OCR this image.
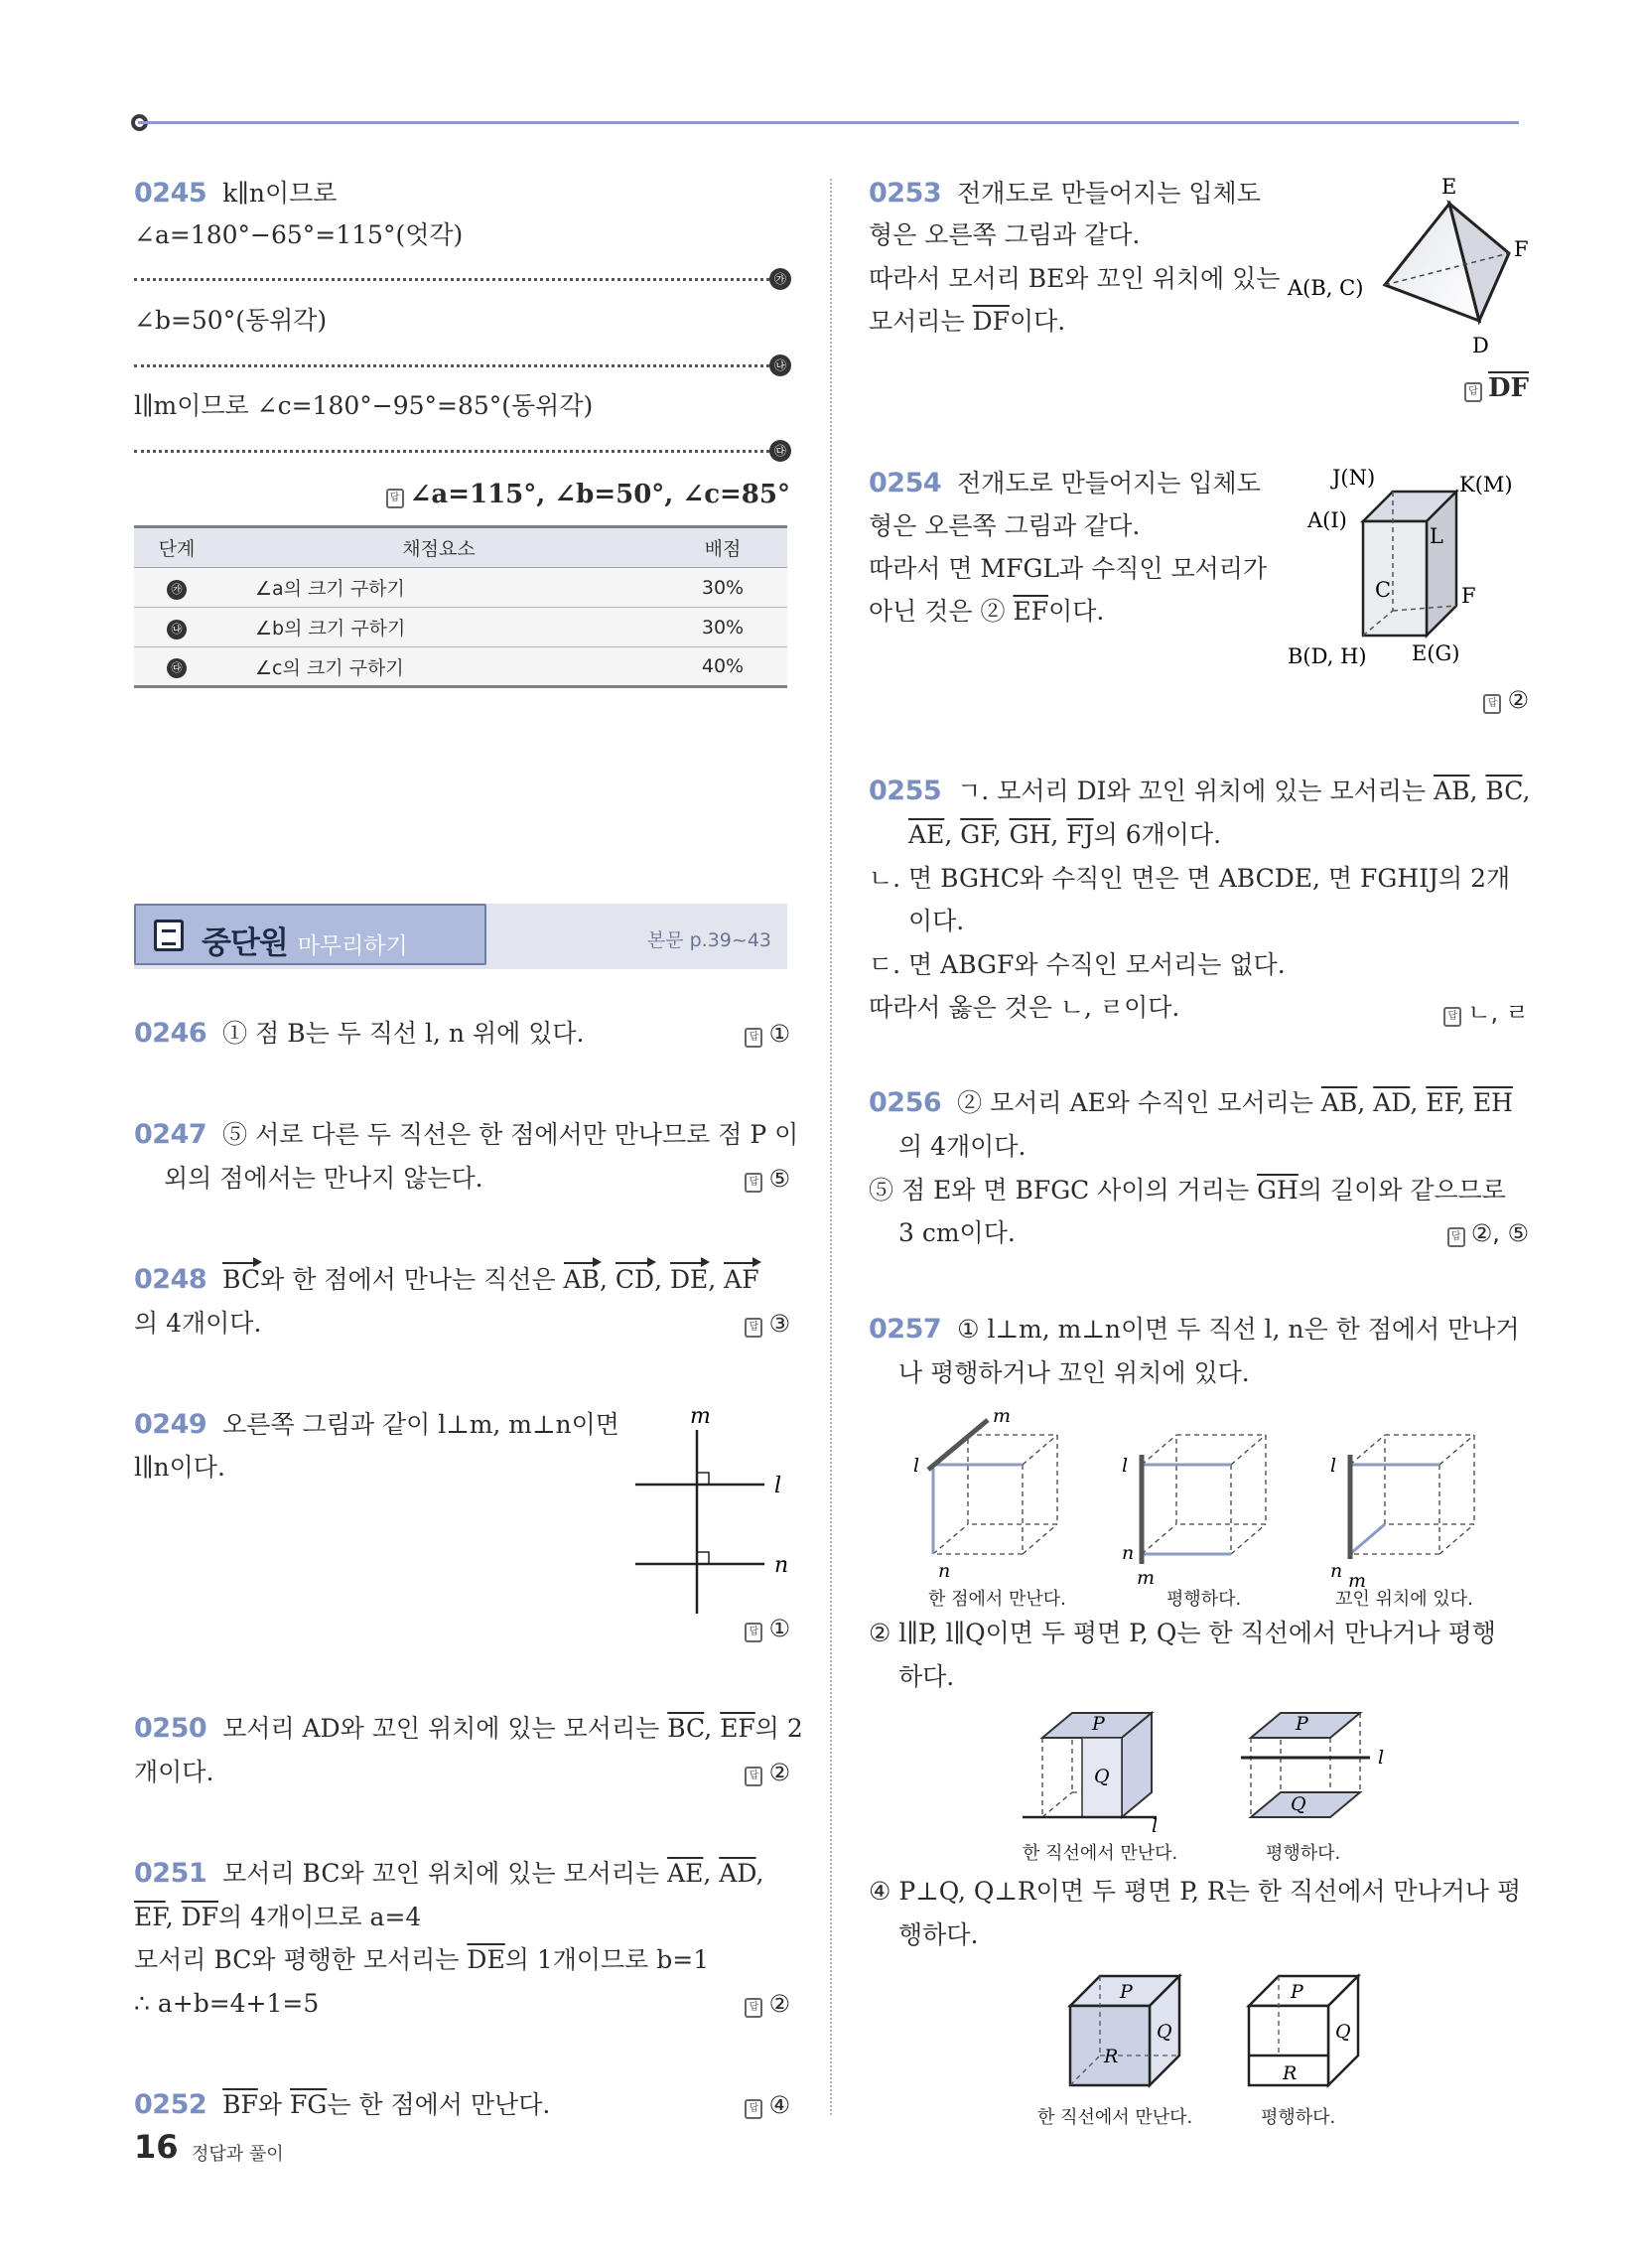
0245 k∥n이므로
∠a=180°−65°=115°(엇각)
㉮
∠b=50°(동위각)
㉯
l∥m이므로 ∠c=180°−95°=85°(동위각)
㉰
답 ∠a=115°, ∠b=50°, ∠c=85°
단계	채점요소	배점
㉮	∠a의 크기 구하기	30%
㉯	∠b의 크기 구하기	30%
㉰	∠c의 크기 구하기	40%
중단원 마무리하기	본문 p.39~43
0246 ① 점 B는 두 직선 l, n 위에 있다.	답 ①
0247 ⑤ 서로 다른 두 직선은 한 점에서만 만나므로 점 P 이
외의 점에서는 만나지 않는다.	답 ⑤
0248 BC와 한 점에서 만나는 직선은 AB, CD, DE, AF
의 4개이다.	답 ③
0249 오른쪽 그림과 같이 l⊥m, m⊥n이면
l∥n이다.
m
l
n
답 ①
0250 모서리 AD와 꼬인 위치에 있는 모서리는 $\overline{BC}$, $\overline{EF}$의 2
개이다.	답 ②
0251 모서리 BC와 꼬인 위치에 있는 모서리는 $\overline{AE}$, $\overline{AD}$,
$\overline{EF}$, $\overline{DF}$의 4개이므로 a=4
모서리 BC와 평행한 모서리는 $\overline{DE}$의 1개이므로 b=1
∴ a+b=4+1=5	답 ②
0252 $\overline{BF}$와 $\overline{FG}$는 한 점에서 만난다.	답 ④
16 정답과 풀이
0253 전개도로 만들어지는 입체도
형은 오른쪽 그림과 같다.
따라서 모서리 BE와 꼬인 위치에 있는
모서리는 $\overline{DF}$이다.
E
F
A(B, C)
D
답 $\overline{DF}$
0254 전개도로 만들어지는 입체도
형은 오른쪽 그림과 같다.
따라서 면 MFGL과 수직인 모서리가
아닌 것은 ② $\overline{EF}$이다.
J(N)	K(M)
A(I)
L
C	F
B(D, H) E(G)
답 ②
0255 ㄱ. 모서리 DI와 꼬인 위치에 있는 모서리는 $\overline{AB}$, $\overline{BC}$,
$\overline{AE}$, $\overline{GF}$, $\overline{GH}$, $\overline{FJ}$의 6개이다.
ㄴ. 면 BGHC와 수직인 면은 면 ABCDE, 면 FGHIJ의 2개
이다.
ㄷ. 면 ABGF와 수직인 모서리는 없다.
따라서 옳은 것은 ㄴ, ㄹ이다.	답 ㄴ, ㄹ
0256 ② 모서리 AE와 수직인 모서리는 $\overline{AB}$, $\overline{AD}$, $\overline{EF}$, $\overline{EH}$
의 4개이다.
⑤ 점 E와 면 BFGC 사이의 거리는 $\overline{GH}$의 길이와 같으므로
3 cm이다.	답 ②, ⑤
0257 ① l⊥m, m⊥n이면 두 직선 l, n은 한 점에서 만나거
나 평행하거나 꼬인 위치에 있다.
l
m
n
l
n
m
l
n m
한 점에서 만난다.	평행하다.	꼬인 위치에 있다.
② l∥P, l∥Q이면 두 평면 P, Q는 한 직선에서 만나거나 평행
하다.
P
Q
l
P
Q
l
한 직선에서 만난다.	평행하다.
④ P⊥Q, Q⊥R이면 두 평면 P, R는 한 직선에서 만나거나 평
행하다.
P
Q
R
P
Q
R
한 직선에서 만난다.	평행하다.
